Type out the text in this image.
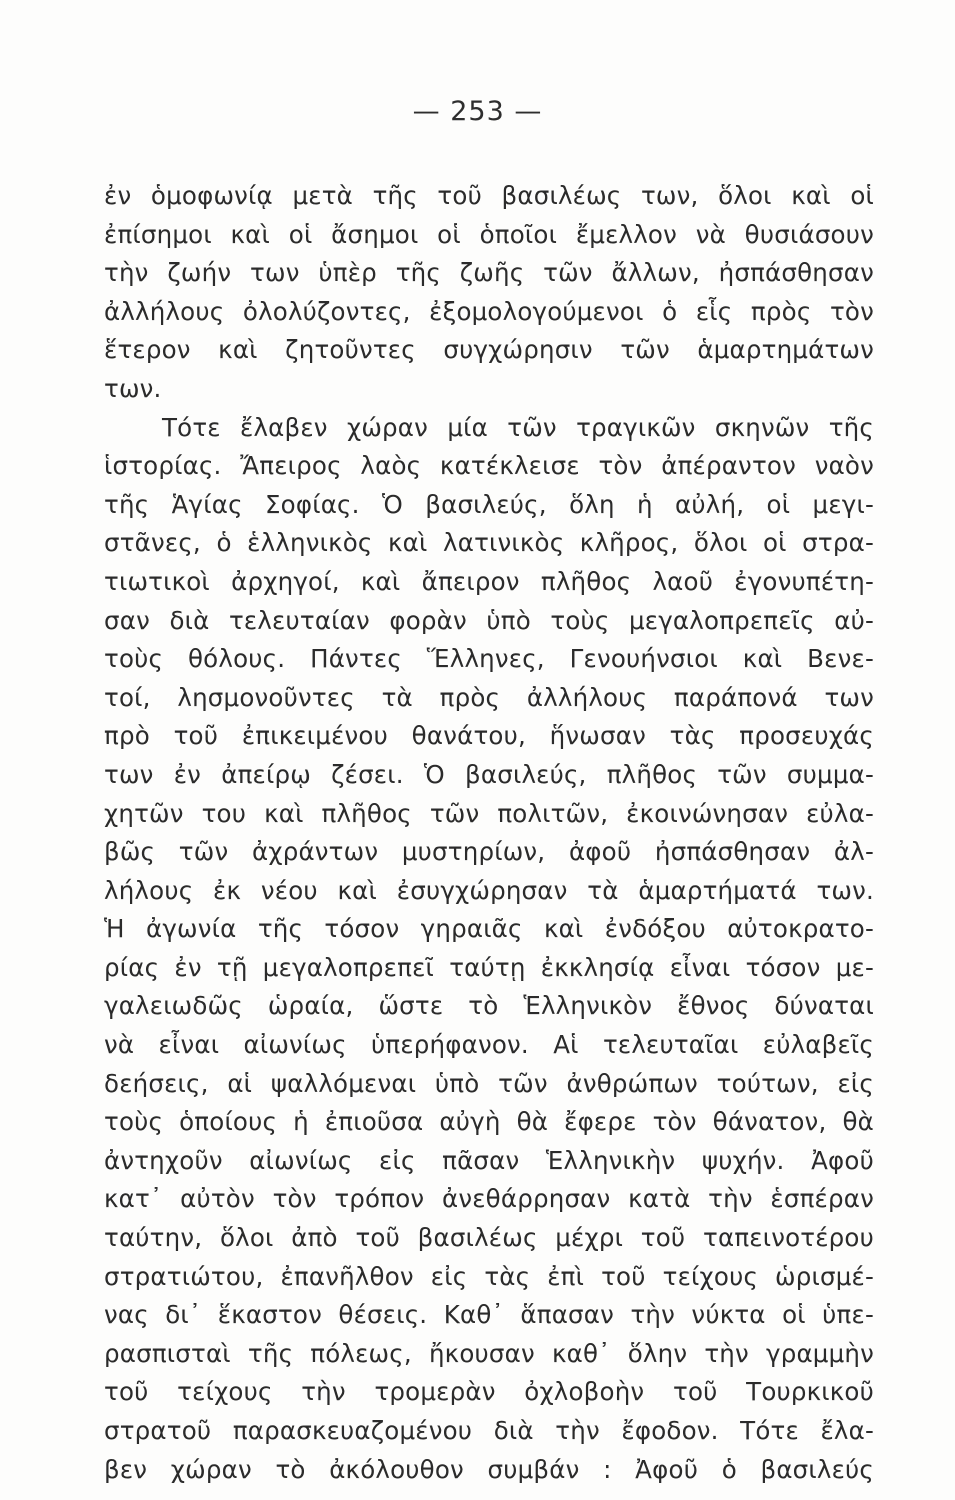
— 253 —
ἐν ὁμοφωνίᾳ μετὰ τῆς τοῦ βασιλέως των, ὅλοι καὶ οἱ
ἐπίσημοι καὶ οἱ ἄσημοι οἱ ὁποῖοι ἔμελλον νὰ θυσιάσουν
τὴν ζωήν των ὑπὲρ τῆς ζωῆς τῶν ἄλλων, ἠσπάσθησαν
ἀλλήλους ὀλολύζοντες, ἐξομολογούμενοι ὁ εἷς πρὸς τὸν
ἕτερον καὶ ζητοῦντες συγχώρησιν τῶν ἁμαρτημάτων
των.
Τότε ἔλαβεν χώραν μία τῶν τραγικῶν σκηνῶν τῆς
ἱστορίας. Ἄπειρος λαὸς κατέκλεισε τὸν ἀπέραντον ναὸν
τῆς Ἁγίας Σοφίας. Ὁ βασιλεύς, ὅλη ἡ αὐλή, οἱ μεγι-
στᾶνες, ὁ ἑλληνικὸς καὶ λατινικὸς κλῆρος, ὅλοι οἱ στρα-
τιωτικοὶ ἀρχηγοί, καὶ ἄπειρον πλῆθος λαοῦ ἐγονυπέτη-
σαν διὰ τελευταίαν φορὰν ὑπὸ τοὺς μεγαλοπρεπεῖς αὐ-
τοὺς θόλους. Πάντες Ἕλληνες, Γενουήνσιοι καὶ Βενε-
τοί, λησμονοῦντες τὰ πρὸς ἀλλήλους παράπονά των
πρὸ τοῦ ἐπικειμένου θανάτου, ἥνωσαν τὰς προσευχάς
των ἐν ἀπείρῳ ζέσει. Ὁ βασιλεύς, πλῆθος τῶν συμμα-
χητῶν του καὶ πλῆθος τῶν πολιτῶν, ἐκοινώνησαν εὐλα-
βῶς τῶν ἀχράντων μυστηρίων, ἀφοῦ ἠσπάσθησαν ἀλ-
λήλους ἐκ νέου καὶ ἐσυγχώρησαν τὰ ἁμαρτήματά των.
Ἡ ἀγωνία τῆς τόσον γηραιᾶς καὶ ἐνδόξου αὐτοκρατο-
ρίας ἐν τῇ μεγαλοπρεπεῖ ταύτῃ ἐκκλησίᾳ εἶναι τόσον με-
γαλειωδῶς ὡραία, ὥστε τὸ Ἑλληνικὸν ἔθνος δύναται
νὰ εἶναι αἰωνίως ὑπερήφανον. Αἱ τελευταῖαι εὐλαβεῖς
δεήσεις, αἱ ψαλλόμεναι ὑπὸ τῶν ἀνθρώπων τούτων, εἰς
τοὺς ὁποίους ἡ ἐπιοῦσα αὐγὴ θὰ ἔφερε τὸν θάνατον, θὰ
ἀντηχοῦν αἰωνίως εἰς πᾶσαν Ἑλληνικὴν ψυχήν. Ἀφοῦ
κατ᾽ αὐτὸν τὸν τρόπον ἀνεθάρρησαν κατὰ τὴν ἑσπέραν
ταύτην, ὅλοι ἀπὸ τοῦ βασιλέως μέχρι τοῦ ταπεινοτέρου
στρατιώτου, ἐπανῆλθον εἰς τὰς ἐπὶ τοῦ τείχους ὡρισμέ-
νας δι᾽ ἕκαστον θέσεις. Καθ᾽ ἅπασαν τὴν νύκτα οἱ ὑπε-
ρασπισταὶ τῆς πόλεως, ἤκουσαν καθ᾽ ὅλην τὴν γραμμὴν
τοῦ τείχους τὴν τρομερὰν ὀχλοβοὴν τοῦ Τουρκικοῦ
στρατοῦ παρασκευαζομένου διὰ τὴν ἔφοδον. Τότε ἔλα-
βεν χώραν τὸ ἀκόλουθον συμβάν : Ἀφοῦ ὁ βασιλεύς
